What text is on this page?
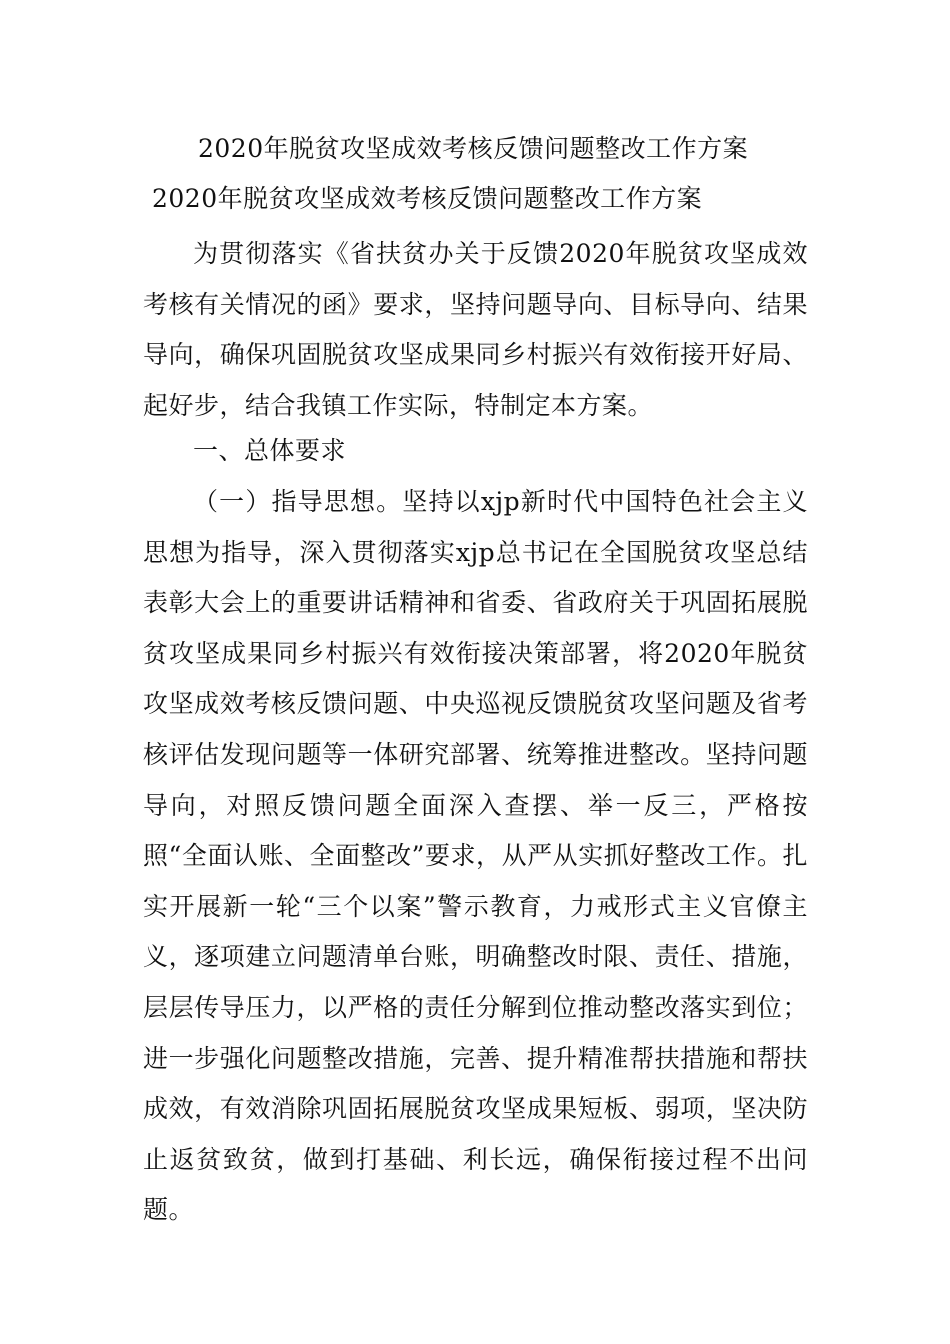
2020年脱贫攻坚成效考核反馈问题整改工作方案
2020年脱贫攻坚成效考核反馈问题整改工作方案

为贯彻落实《省扶贫办关于反馈2020年脱贫攻坚成效考核有关情况的函》要求，坚持问题导向、目标导向、结果导向，确保巩固脱贫攻坚成果同乡村振兴有效衔接开好局、起好步，结合我镇工作实际，特制定本方案。

一、总体要求

（一）指导思想。坚持以xjp新时代中国特色社会主义思想为指导，深入贯彻落实xjp总书记在全国脱贫攻坚总结表彰大会上的重要讲话精神和省委、省政府关于巩固拓展脱贫攻坚成果同乡村振兴有效衔接决策部署，将2020年脱贫攻坚成效考核反馈问题、中央巡视反馈脱贫攻坚问题及省考核评估发现问题等一体研究部署、统筹推进整改。坚持问题导向，对照反馈问题全面深入查摆、举一反三，严格按照“全面认账、全面整改”要求，从严从实抓好整改工作。扎实开展新一轮“三个以案”警示教育，力戒形式主义官僚主义，逐项建立问题清单台账，明确整改时限、责任、措施，层层传导压力，以严格的责任分解到位推动整改落实到位；进一步强化问题整改措施，完善、提升精准帮扶措施和帮扶成效，有效消除巩固拓展脱贫攻坚成果短板、弱项，坚决防止返贫致贫，做到打基础、利长远，确保衔接过程不出问题。
